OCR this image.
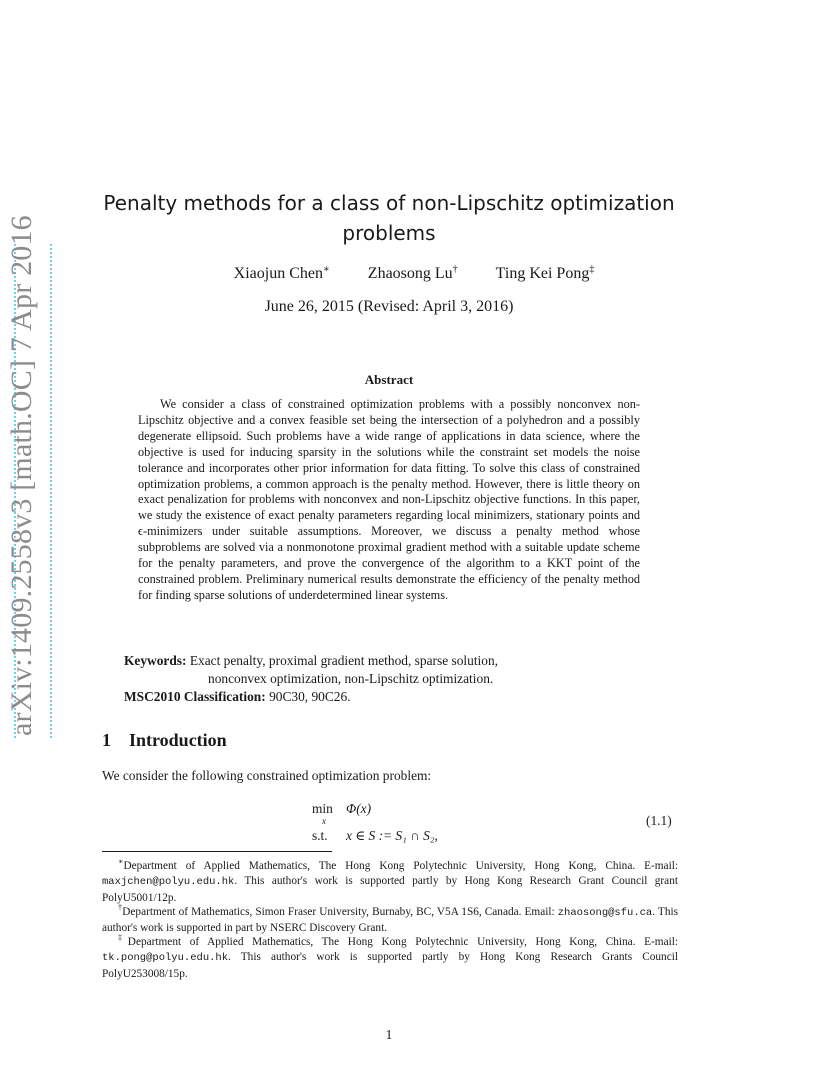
arXiv:1409.2558v3 [math.OC] 7 Apr 2016
Penalty methods for a class of non-Lipschitz optimization
problems
Xiaojun Chen∗ Zhaosong Lu† Ting Kei Pong‡
June 26, 2015 (Revised: April 3, 2016)
Abstract

We consider a class of constrained optimization problems with a possibly nonconvex non-Lipschitz objective and a convex feasible set being the intersection of a polyhedron and a possibly degenerate ellipsoid. Such problems have a wide range of applications in data science, where the objective is used for inducing sparsity in the solutions while the constraint set models the noise tolerance and incorporates other prior information for data fitting. To solve this class of constrained optimization problems, a common approach is the penalty method. However, there is little theory on exact penalization for problems with nonconvex and non-Lipschitz objective functions. In this paper, we study the existence of exact penalty parameters regarding local minimizers, stationary points and ϵ-minimizers under suitable assumptions. Moreover, we discuss a penalty method whose subproblems are solved via a nonmonotone proximal gradient method with a suitable update scheme for the penalty parameters, and prove the convergence of the algorithm to a KKT point of the constrained problem. Preliminary numerical results demonstrate the efficiency of the penalty method for finding sparse solutions of underdetermined linear systems.

Keywords: Exact penalty, proximal gradient method, sparse solution,
nonconvex optimization, non-Lipschitz optimization.
MSC2010 Classification: 90C30, 90C26.
1 Introduction
We consider the following constrained optimization problem:
min Φ(x)
x
s.t. x ∈ S := S₁ ∩ S₂,
(1.1)
∗Department of Applied Mathematics, The Hong Kong Polytechnic University, Hong Kong, China. E-mail: maxjchen@polyu.edu.hk. This author's work is supported partly by Hong Kong Research Grant Council grant PolyU5001/12p.
†Department of Mathematics, Simon Fraser University, Burnaby, BC, V5A 1S6, Canada. Email: zhaosong@sfu.ca. This author's work is supported in part by NSERC Discovery Grant.
‡Department of Applied Mathematics, The Hong Kong Polytechnic University, Hong Kong, China. E-mail: tk.pong@polyu.edu.hk. This author's work is supported partly by Hong Kong Research Grants Council PolyU253008/15p.
1
